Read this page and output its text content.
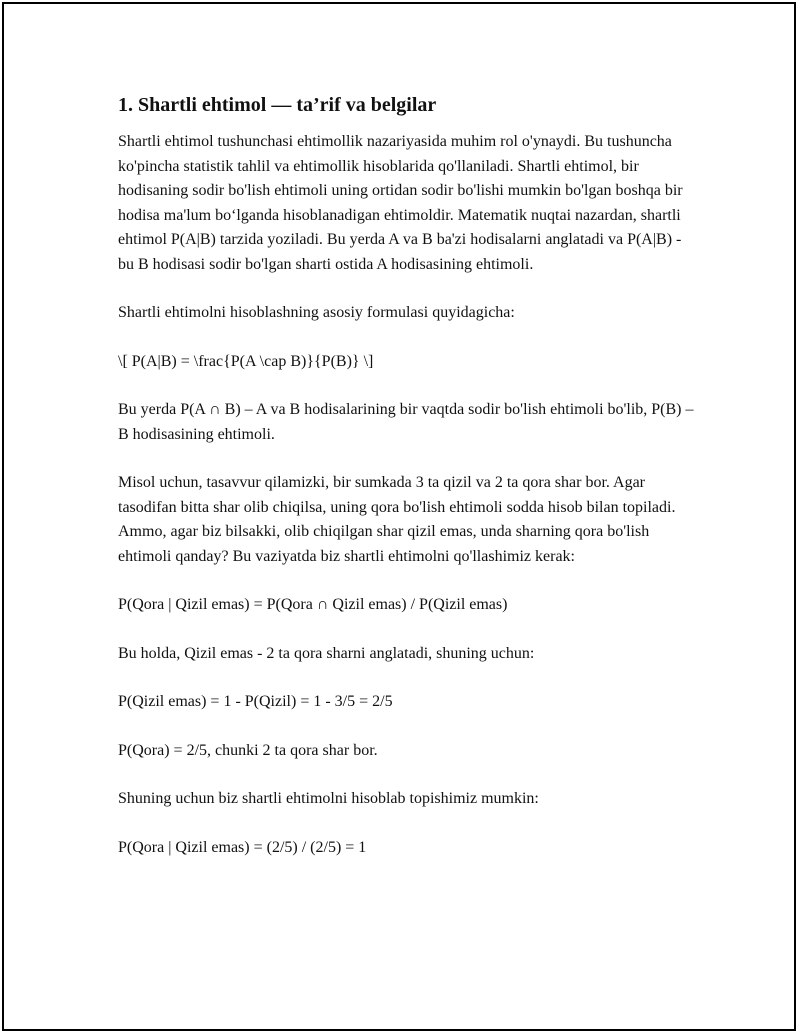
1. Shartli ehtimol — ta’rif va belgilar

Shartli ehtimol tushunchasi ehtimollik nazariyasida muhim rol o'ynaydi. Bu tushuncha ko'pincha statistik tahlil va ehtimollik hisoblarida qo'llaniladi. Shartli ehtimol, bir hodisaning sodir bo'lish ehtimoli uning ortidan sodir bo'lishi mumkin bo'lgan boshqa bir hodisa ma'lum bo‘lganda hisoblanadigan ehtimoldir. Matematik nuqtai nazardan, shartli ehtimol P(A|B) tarzida yoziladi. Bu yerda A va B ba'zi hodisalarni anglatadi va P(A|B) - bu B hodisasi sodir bo'lgan sharti ostida A hodisasining ehtimoli.

Shartli ehtimolni hisoblashning asosiy formulasi quyidagicha:

\[ P(A|B) = \frac{P(A \cap B)}{P(B)} \]

Bu yerda P(A ∩ B) – A va B hodisalarining bir vaqtda sodir bo'lish ehtimoli bo'lib, P(B) – B hodisasining ehtimoli.

Misol uchun, tasavvur qilamizki, bir sumkada 3 ta qizil va 2 ta qora shar bor. Agar tasodifan bitta shar olib chiqilsa, uning qora bo'lish ehtimoli sodda hisob bilan topiladi. Ammo, agar biz bilsakki, olib chiqilgan shar qizil emas, unda sharning qora bo'lish ehtimoli qanday? Bu vaziyatda biz shartli ehtimolni qo'llashimiz kerak:

P(Qora | Qizil emas) = P(Qora ∩ Qizil emas) / P(Qizil emas)

Bu holda, Qizil emas - 2 ta qora sharni anglatadi, shuning uchun:

P(Qizil emas) = 1 - P(Qizil) = 1 - 3/5 = 2/5

P(Qora) = 2/5, chunki 2 ta qora shar bor.

Shuning uchun biz shartli ehtimolni hisoblab topishimiz mumkin:

P(Qora | Qizil emas) = (2/5) / (2/5) = 1
